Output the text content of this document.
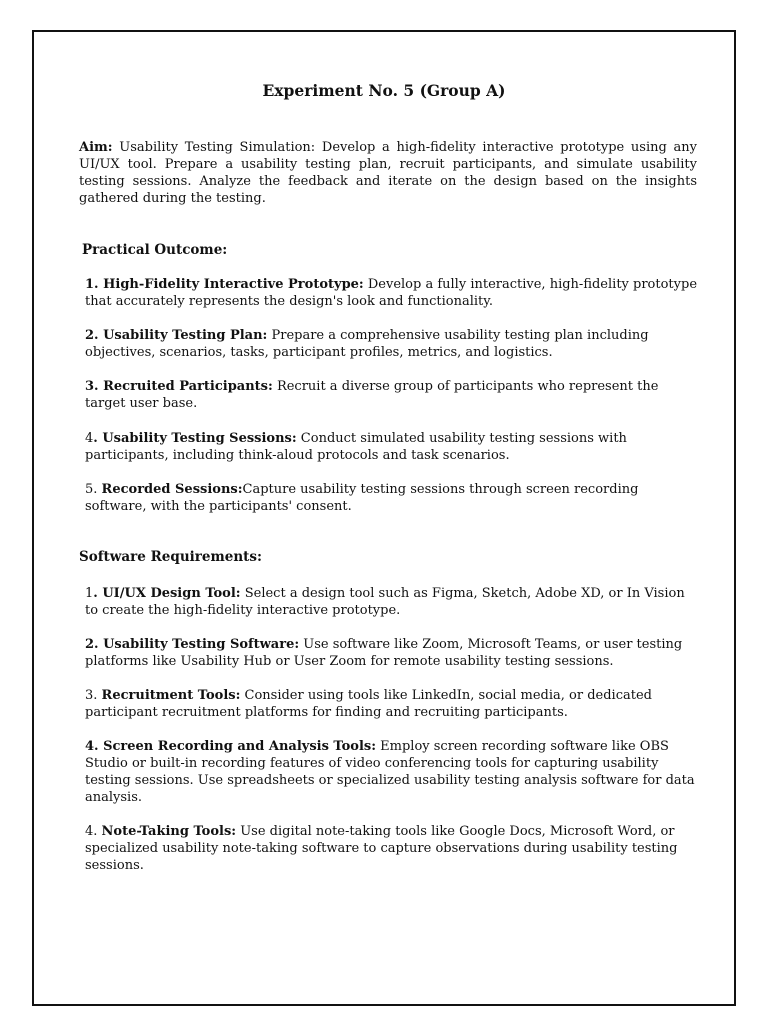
Experiment No. 5 (Group A)

Aim: Usability Testing Simulation: Develop a high-fidelity interactive prototype using any UI/UX tool. Prepare a usability testing plan, recruit participants, and simulate usability testing sessions. Analyze the feedback and iterate on the design based on the insights gathered during the testing.

Practical Outcome:

1. High-Fidelity Interactive Prototype: Develop a fully interactive, high-fidelity prototype that accurately represents the design's look and functionality.

2. Usability Testing Plan: Prepare a comprehensive usability testing plan including objectives, scenarios, tasks, participant profiles, metrics, and logistics.

3. Recruited Participants: Recruit a diverse group of participants who represent the target user base.

4. Usability Testing Sessions: Conduct simulated usability testing sessions with participants, including think-aloud protocols and task scenarios.

5. Recorded Sessions:Capture usability testing sessions through screen recording software, with the participants' consent.

Software Requirements:

1. UI/UX Design Tool: Select a design tool such as Figma, Sketch, Adobe XD, or In Vision to create the high-fidelity interactive prototype.

2. Usability Testing Software: Use software like Zoom, Microsoft Teams, or user testing platforms like Usability Hub or User Zoom for remote usability testing sessions.

3. Recruitment Tools: Consider using tools like LinkedIn, social media, or dedicated participant recruitment platforms for finding and recruiting participants.

4. Screen Recording and Analysis Tools: Employ screen recording software like OBS Studio or built-in recording features of video conferencing tools for capturing usability testing sessions. Use spreadsheets or specialized usability testing analysis software for data analysis.

4. Note-Taking Tools: Use digital note-taking tools like Google Docs, Microsoft Word, or specialized usability note-taking software to capture observations during usability testing sessions.
